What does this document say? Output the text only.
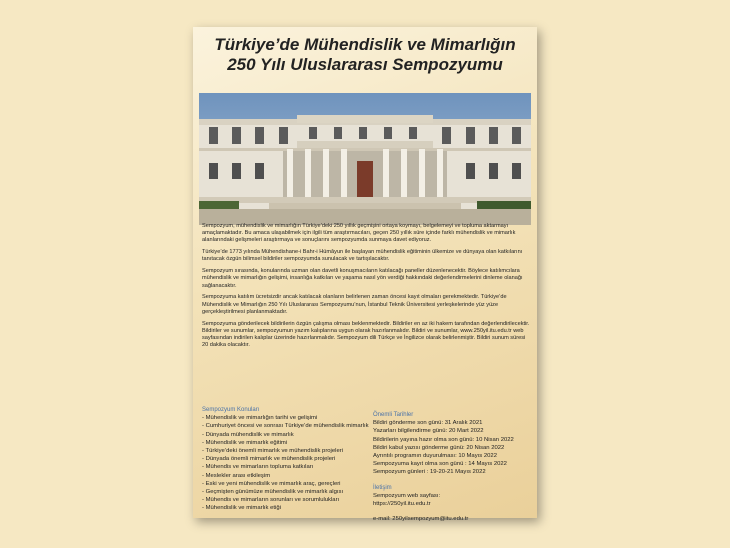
Türkiye’de Mühendislik ve Mimarlığın
250 Yılı Uluslararası Sempozyumu

Sempozyum, mühendislik ve mimarlığın Türkiye’deki 250 yıllık geçmişini ortaya koymayı, belgelemeyi ve topluma aktarmayı amaçlamaktadır. Bu amaca ulaşabilmek için ilgili tüm araştırmacıları, geçen 250 yıllık süre içinde farklı mühendislik ve mimarlık alanlarındaki gelişmeleri araştırmaya ve sonuçlarını sempozyumda sunmaya davet ediyoruz.

Türkiye’de 1773 yılında Mühendishane-i Bahr-i Hümâyun ile başlayan mühendislik eğitiminin ülkemize ve dünyaya olan katkılarını tanıtacak özgün bilimsel bildiriler sempozyumda sunulacak ve tartışılacaktır.

Sempozyum sırasında, konularında uzman olan davetli konuşmacıların katılacağı paneller düzenlenecektir. Böylece katılımcılara mühendislik ve mimarlığın gelişimi, insanlığa katkıları ve yaşama nasıl yön verdiği hakkındaki değerlendirmelerini dinleme olanağı sağlanacaktır.

Sempozyuma katılım ücretsizdir ancak katılacak olanların belirlenen zaman öncesi kayıt olmaları gerekmektedir. Türkiye’de Mühendislik ve Mimarlığın 250 Yılı Uluslararası Sempozyumu’nun, İstanbul Teknik Üniversitesi yerleşkelerinde yüz yüze gerçekleştirilmesi planlanmaktadır.

Sempozyuma gönderilecek bildirilerin özgün çalışma olması beklenmektedir. Bildiriler en az iki hakem tarafından değerlendirilecektir. Bildiriler ve sunumlar, sempozyumun yazım kalıplarına uygun olarak hazırlanmalıdır. Bildiri ve sunumlar, www.250yil.itu.edu.tr web sayfasından indirilen kalıplar üzerinde hazırlanmalıdır. Sempozyum dili Türkçe ve İngilizce olarak belirlenmiştir. Bildiri sunum süresi 20 dakika olacaktır.

Sempozyum Konuları
- Mühendislik ve mimarlığın tarihi ve gelişimi
- Cumhuriyet öncesi ve sonrası Türkiye’de mühendislik mimarlık
- Dünyada mühendislik ve mimarlık
- Mühendislik ve mimarlık eğitimi
- Türkiye’deki önemli mimarlık ve mühendislik projeleri
- Dünyada önemli mimarlık ve mühendislik projeleri
- Mühendis ve mimarların topluma katkıları
- Meslekler arası etkileşim
- Eski ve yeni mühendislik ve mimarlık araç, gereçleri
- Geçmişten günümüze mühendislik ve mimarlık algısı
- Mühendis ve mimarların sorunları ve sorumlulukları
- Mühendislik ve mimarlık etiği
Önemli Tarihler
Bildiri gönderme son günü: 31 Aralık 2021
Yazarları bilgilendirme günü: 20 Mart 2022
Bildirilerin yayına hazır olma son günü: 10 Nisan 2022
Bildiri kabul yazısı gönderme günü: 20 Nisan 2022
Ayrıntılı programın duyurulması: 10 Mayıs 2022
Sempozyuma kayıt olma son günü : 14 Mayıs 2022
Sempozyum günleri : 19-20-21 Mayıs 2022
İletişim
Sempozyum web sayfası:
https://250yil.itu.edu.tr
e-mail: 250yilsempozyum@itu.edu.tr
